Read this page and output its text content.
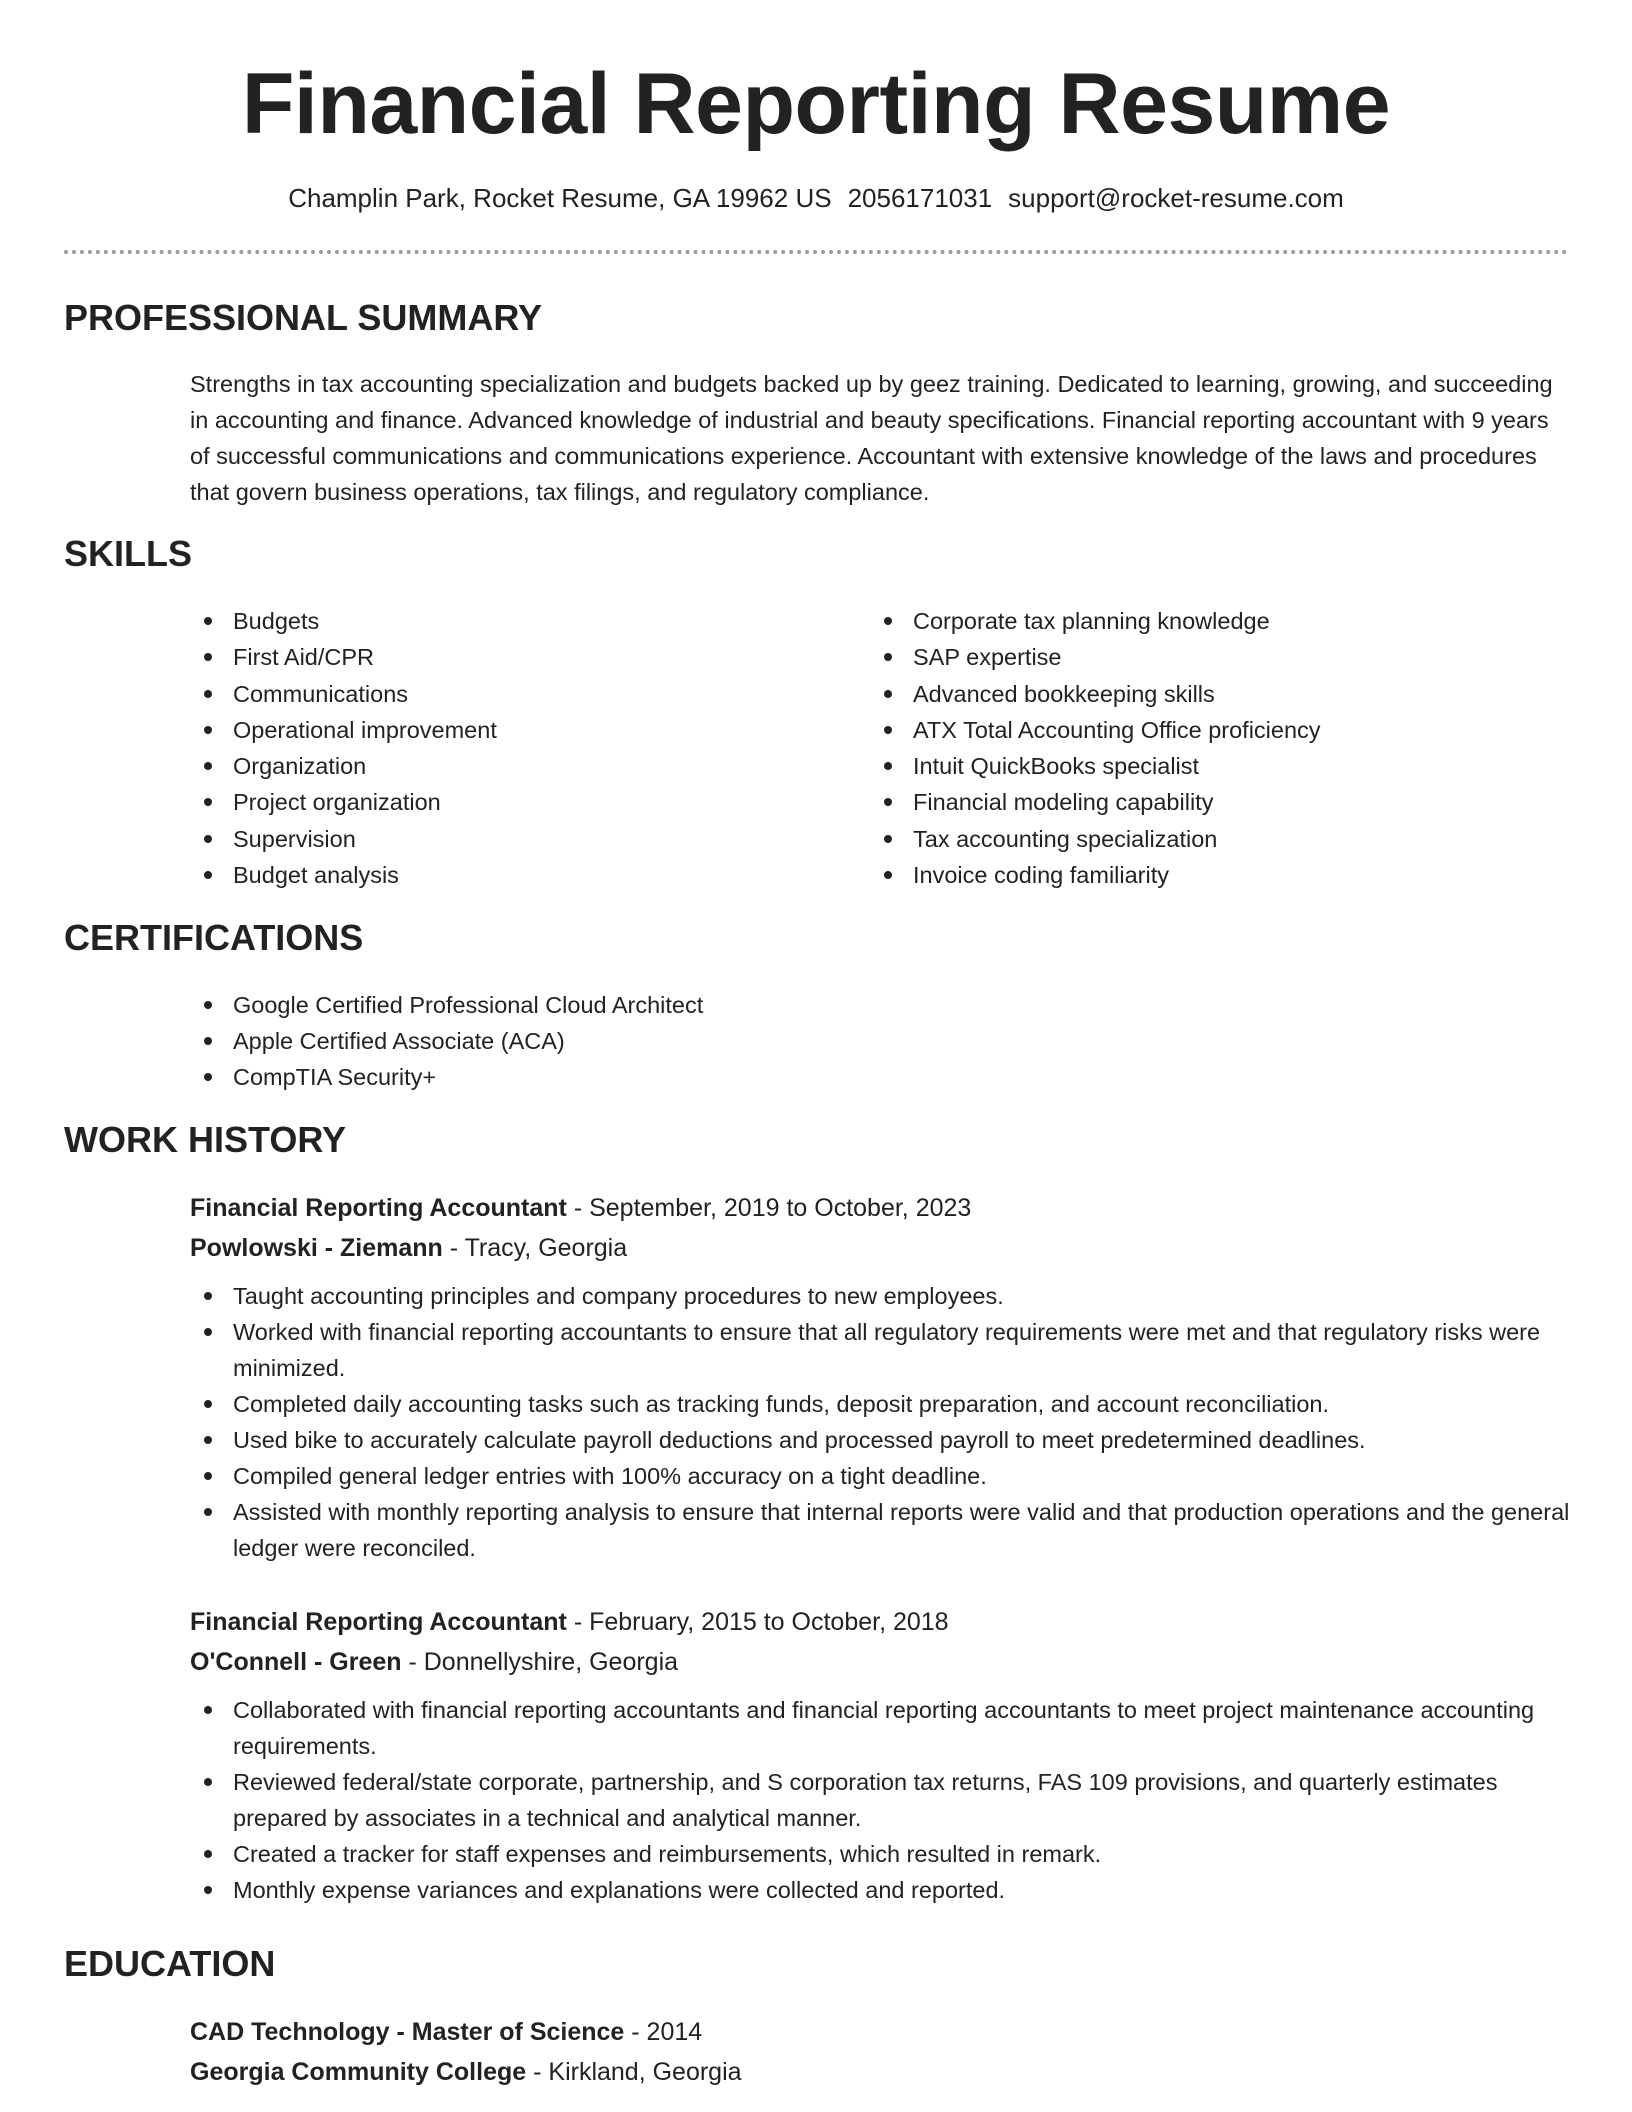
Financial Reporting Resume
Champlin Park, Rocket Resume, GA 19962 US 2056171031 support@rocket-resume.com
PROFESSIONAL SUMMARY

Strengths in tax accounting specialization and budgets backed up by geez training. Dedicated to learning, growing, and succeeding in accounting and finance. Advanced knowledge of industrial and beauty specifications. Financial reporting accountant with 9 years of successful communications and communications experience. Accountant with extensive knowledge of the laws and procedures that govern business operations, tax filings, and regulatory compliance.

SKILLS
Budgets
First Aid/CPR
Communications
Operational improvement
Organization
Project organization
Supervision
Budget analysis
Corporate tax planning knowledge
SAP expertise
Advanced bookkeeping skills
ATX Total Accounting Office proficiency
Intuit QuickBooks specialist
Financial modeling capability
Tax accounting specialization
Invoice coding familiarity
CERTIFICATIONS
Google Certified Professional Cloud Architect
Apple Certified Associate (ACA)
CompTIA Security+
WORK HISTORY
Financial Reporting Accountant - September, 2019 to October, 2023
Powlowski - Ziemann - Tracy, Georgia
Taught accounting principles and company procedures to new employees.
Worked with financial reporting accountants to ensure that all regulatory requirements were met and that regulatory risks were minimized.
Completed daily accounting tasks such as tracking funds, deposit preparation, and account reconciliation.
Used bike to accurately calculate payroll deductions and processed payroll to meet predetermined deadlines.
Compiled general ledger entries with 100% accuracy on a tight deadline.
Assisted with monthly reporting analysis to ensure that internal reports were valid and that production operations and the general ledger were reconciled.
Financial Reporting Accountant - February, 2015 to October, 2018
O'Connell - Green - Donnellyshire, Georgia
Collaborated with financial reporting accountants and financial reporting accountants to meet project maintenance accounting requirements.
Reviewed federal/state corporate, partnership, and S corporation tax returns, FAS 109 provisions, and quarterly estimates prepared by associates in a technical and analytical manner.
Created a tracker for staff expenses and reimbursements, which resulted in remark.
Monthly expense variances and explanations were collected and reported.
EDUCATION
CAD Technology - Master of Science - 2014
Georgia Community College - Kirkland, Georgia
